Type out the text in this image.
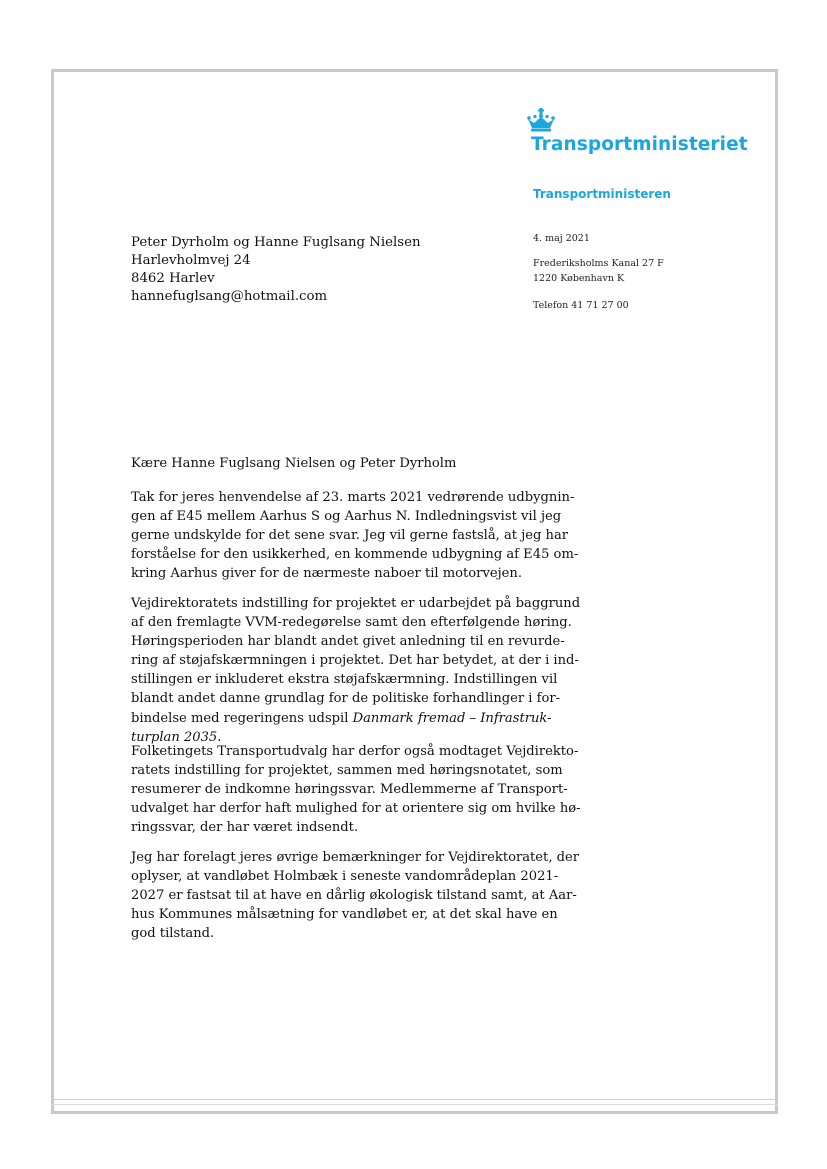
Transportministeriet
Transportministeren
4. maj 2021
Frederiksholms Kanal 27 F
1220 København K
Telefon 41 71 27 00
Peter Dyrholm og Hanne Fuglsang Nielsen
Harlevholmvej 24
8462 Harlev
hannefuglsang@hotmail.com
Kære Hanne Fuglsang Nielsen og Peter Dyrholm
Tak for jeres henvendelse af 23. marts 2021 vedrørende udbygnin-
gen af E45 mellem Aarhus S og Aarhus N. Indledningsvist vil jeg
gerne undskylde for det sene svar. Jeg vil gerne fastslå, at jeg har
forståelse for den usikkerhed, en kommende udbygning af E45 om-
kring Aarhus giver for de nærmeste naboer til motorvejen.
Vejdirektoratets indstilling for projektet er udarbejdet på baggrund
af den fremlagte VVM-redegørelse samt den efterfølgende høring.
Høringsperioden har blandt andet givet anledning til en revurde-
ring af støjafskærmningen i projektet. Det har betydet, at der i ind-
stillingen er inkluderet ekstra støjafskærmning. Indstillingen vil
blandt andet danne grundlag for de politiske forhandlinger i for-
bindelse med regeringens udspil Danmark fremad – Infrastruk-
turplan 2035.
Folketingets Transportudvalg har derfor også modtaget Vejdirekto-
ratets indstilling for projektet, sammen med høringsnotatet, som
resumerer de indkomne høringssvar. Medlemmerne af Transport-
udvalget har derfor haft mulighed for at orientere sig om hvilke hø-
ringssvar, der har været indsendt.
Jeg har forelagt jeres øvrige bemærkninger for Vejdirektoratet, der
oplyser, at vandløbet Holmbæk i seneste vandområdeplan 2021-
2027 er fastsat til at have en dårlig økologisk tilstand samt, at Aar-
hus Kommunes målsætning for vandløbet er, at det skal have en
god tilstand.
